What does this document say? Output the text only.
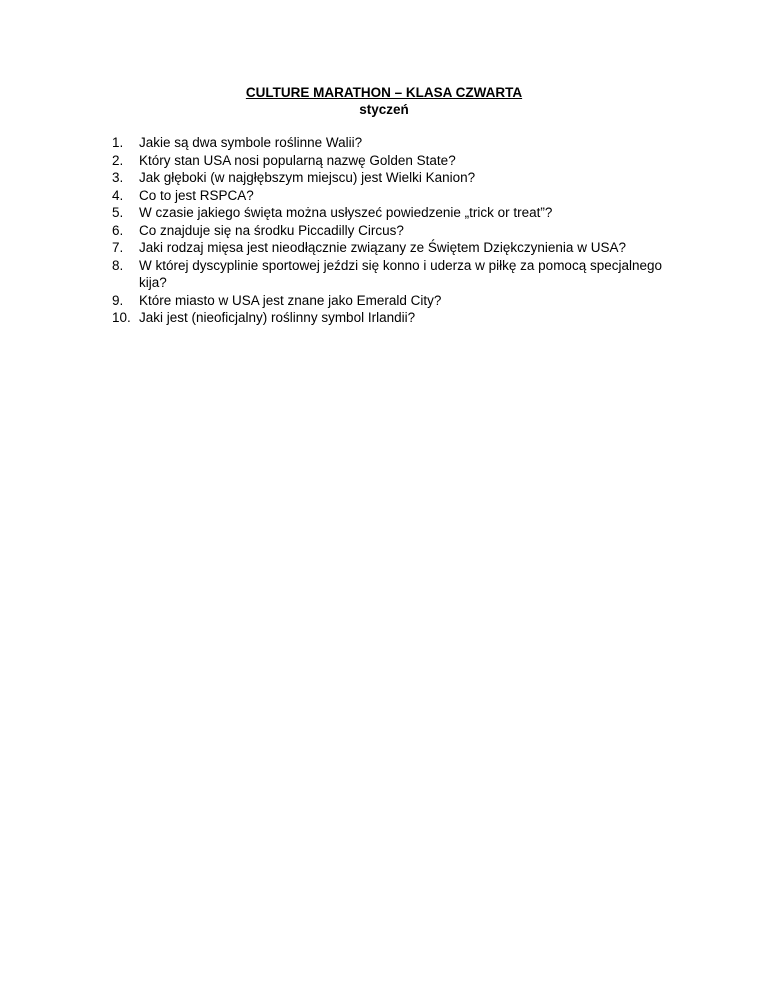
CULTURE MARATHON – KLASA CZWARTA
styczeń
1. Jakie są dwa symbole roślinne Walii?
2. Który stan USA nosi popularną nazwę Golden State?
3. Jak głęboki (w najgłębszym miejscu) jest Wielki Kanion?
4. Co to jest RSPCA?
5. W czasie jakiego święta można usłyszeć powiedzenie „trick or treat”?
6. Co znajduje się na środku Piccadilly Circus?
7. Jaki rodzaj mięsa jest nieodłącznie związany ze Świętem Dziękczynienia w USA?
8. W której dyscyplinie sportowej jeździ się konno i uderza w piłkę za pomocą specjalnego kija?
9. Które miasto w USA jest znane jako Emerald City?
10. Jaki jest (nieoficjalny) roślinny symbol Irlandii?
